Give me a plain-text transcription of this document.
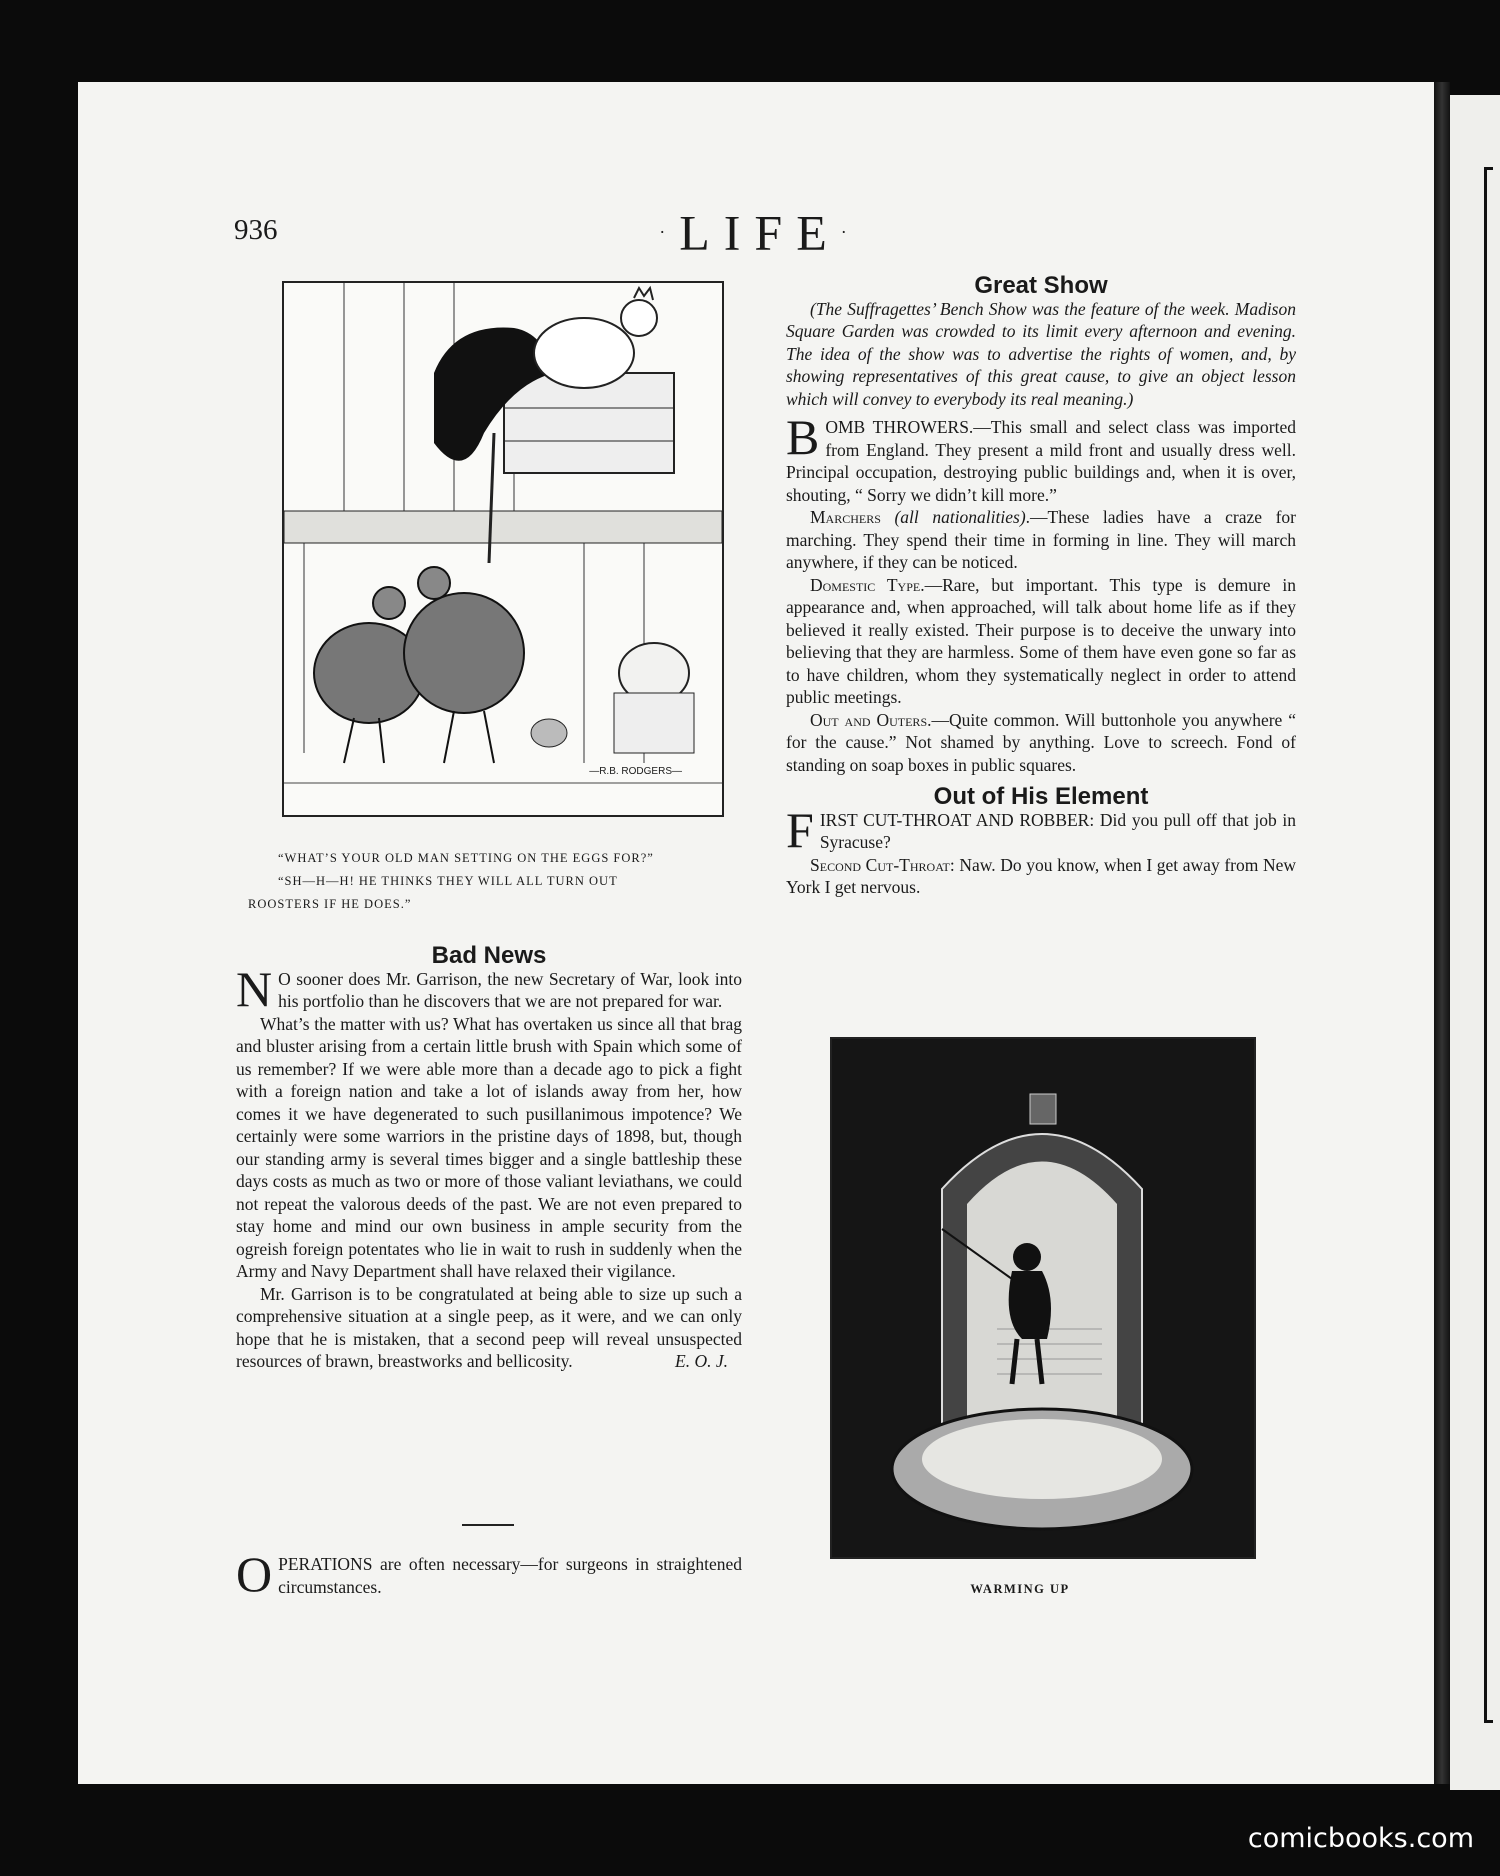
936	·LIFE·
—R.B. RODGERS—
“WHAT’S YOUR OLD MAN SETTING ON THE EGGS FOR?”
“SH—H—H! HE THINKS THEY WILL ALL TURN OUT
ROOSTERS IF HE DOES.”
Bad News

N O sooner does Mr. Garrison, the new Secretary of War, look into his portfolio than he discovers that we are not prepared for war.

What’s the matter with us? What has overtaken us since all that brag and bluster arising from a certain little brush with Spain which some of us remember? If we were able more than a decade ago to pick a fight with a foreign nation and take a lot of islands away from her, how comes it we have degenerated to such pusillanimous impotence? We certainly were some warriors in the pristine days of 1898, but, though our standing army is several times bigger and a single battleship these days costs as much as two or more of those valiant leviathans, we could not repeat the valorous deeds of the past. We are not even prepared to stay home and mind our own business in ample security from the ogreish foreign potentates who lie in wait to rush in suddenly when the Army and Navy Department shall have relaxed their vigilance.

Mr. Garrison is to be congratulated at being able to size up such a comprehensive situation at a single peep, as it were, and we can only hope that he is mistaken, that a second peep will reveal unsuspected resources of brawn, breastworks and bellicosity.	E. O. J.

OPERATIONS are often necessary—for surgeons in straightened circumstances.

Great Show

(The Suffragettes’ Bench Show was the feature of the week. Madison Square Garden was crowded to its limit every afternoon and evening. The idea of the show was to advertise the rights of women, and, by showing representatives of this great cause, to give an object lesson which will convey to everybody its real meaning.)

BOMB THROWERS.—This small and select class was imported from England. They present a mild front and usually dress well. Principal occupation, destroying public buildings and, when it is over, shouting, “ Sorry we didn’t kill more.”

Marchers (all nationalities).—These ladies have a craze for marching. They spend their time in forming in line. They will march anywhere, if they can be noticed.

Domestic Type.—Rare, but important. This type is demure in appearance and, when approached, will talk about home life as if they believed it really existed. Their purpose is to deceive the unwary into believing that they are harmless. Some of them have even gone so far as to have children, whom they systematically neglect in order to attend public meetings.

Out and Outers.—Quite common. Will buttonhole you anywhere “ for the cause.” Not shamed by anything. Love to screech. Fond of standing on soap boxes in public squares.

Out of His Element

FIRST CUT-THROAT AND ROBBER: Did you pull off that job in Syracuse?

Second Cut-Throat: Naw. Do you know, when I get away from New York I get nervous.

WARMING UP
comicbooks.com
